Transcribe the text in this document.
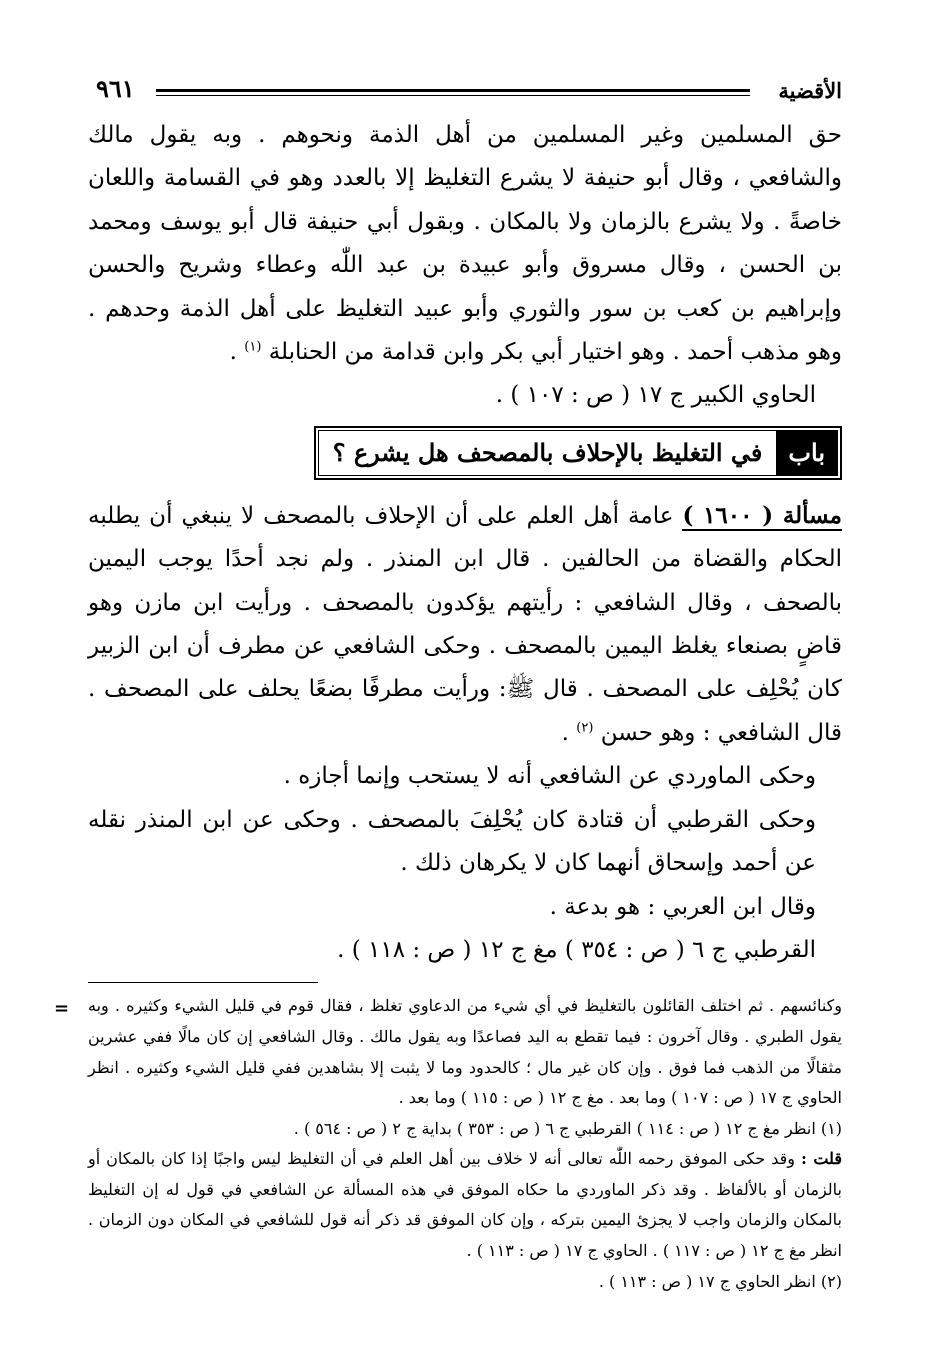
الأقضية
٩٦١

حق المسلمين وغير المسلمين من أهل الذمة ونحوهم . وبه يقول مالك والشافعي ، وقال أبو حنيفة لا يشرع التغليظ إلا بالعدد وهو في القسامة واللعان خاصةً . ولا يشرع بالزمان ولا بالمكان . وبقول أبي حنيفة قال أبو يوسف ومحمد بن الحسن ، وقال مسروق وأبو عبيدة بن عبد اللّٰه وعطاء وشريح والحسن وإبراهيم بن كعب بن سور والثوري وأبو عبيد التغليظ على أهل الذمة وحدهم . وهو مذهب أحمد . وهو اختيار أبي بكر وابن قدامة من الحنابلة $^{(١)}$ .

الحاوي الكبير ج ١٧ ( ص : ١٠٧ ) .

باب
في التغليظ بالإحلاف بالمصحف هل يشرع ؟

مسألة ( ١٦٠٠ ) عامة أهل العلم على أن الإحلاف بالمصحف لا ينبغي أن يطلبه الحكام والقضاة من الحالفين . قال ابن المنذر . ولم نجد أحدًا يوجب اليمين بالصحف ، وقال الشافعي : رأيتهم يؤكدون بالمصحف . ورأيت ابن مازن وهو قاضٍ بصنعاء يغلظ اليمين بالمصحف . وحكى الشافعي عن مطرف أن ابن الزبير كان يُحْلِف على المصحف . قال ﷺ: ورأيت مطرفًا بضعًا يحلف على المصحف . قال الشافعي : وهو حسن $^{(٢)}$ .

وحكى الماوردي عن الشافعي أنه لا يستحب وإنما أجازه .

وحكى القرطبي أن قتادة كان يُحْلِفَ بالمصحف . وحكى عن ابن المنذر نقله عن أحمد وإسحاق أنهما كان لا يكرهان ذلك .

وقال ابن العربي : هو بدعة .

القرطبي ج ٦ ( ص : ٣٥٤ ) مغ ج ١٢ ( ص : ١١٨ ) .

= وكنائسهم . ثم اختلف القائلون بالتغليظ في أي شيء من الدعاوي تغلظ ، فقال قوم في قليل الشيء وكثيره . وبه يقول الطبري . وقال آخرون : فيما تقطع به اليد فصاعدًا وبه يقول مالك . وقال الشافعي إن كان مالًا ففي عشرين مثقالًا من الذهب فما فوق . وإن كان غير مال ؛ كالحدود وما لا يثبت إلا بشاهدين ففي قليل الشيء وكثيره . انظر الحاوي ج ١٧ ( ص : ١٠٧ ) وما بعد . مغ ج ١٢ ( ص : ١١٥ ) وما بعد .

(١) انظر مغ ج ١٢ ( ص : ١١٤ ) القرطبي ج ٦ ( ص : ٣٥٣ ) بداية ج ٢ ( ص : ٥٦٤ ) .

قلت : وقد حكى الموفق رحمه اللّٰه تعالى أنه لا خلاف بين أهل العلم في أن التغليظ ليس واجبًا إذا كان بالمكان أو بالزمان أو بالألفاظ . وقد ذكر الماوردي ما حكاه الموفق في هذه المسألة عن الشافعي في قول له إن التغليظ بالمكان والزمان واجب لا يجزئ اليمين بتركه ، وإن كان الموفق قد ذكر أنه قول للشافعي في المكان دون الزمان . انظر مغ ج ١٢ ( ص : ١١٧ ) . الحاوي ج ١٧ ( ص : ١١٣ ) .

(٢) انظر الحاوي ج ١٧ ( ص : ١١٣ ) .
